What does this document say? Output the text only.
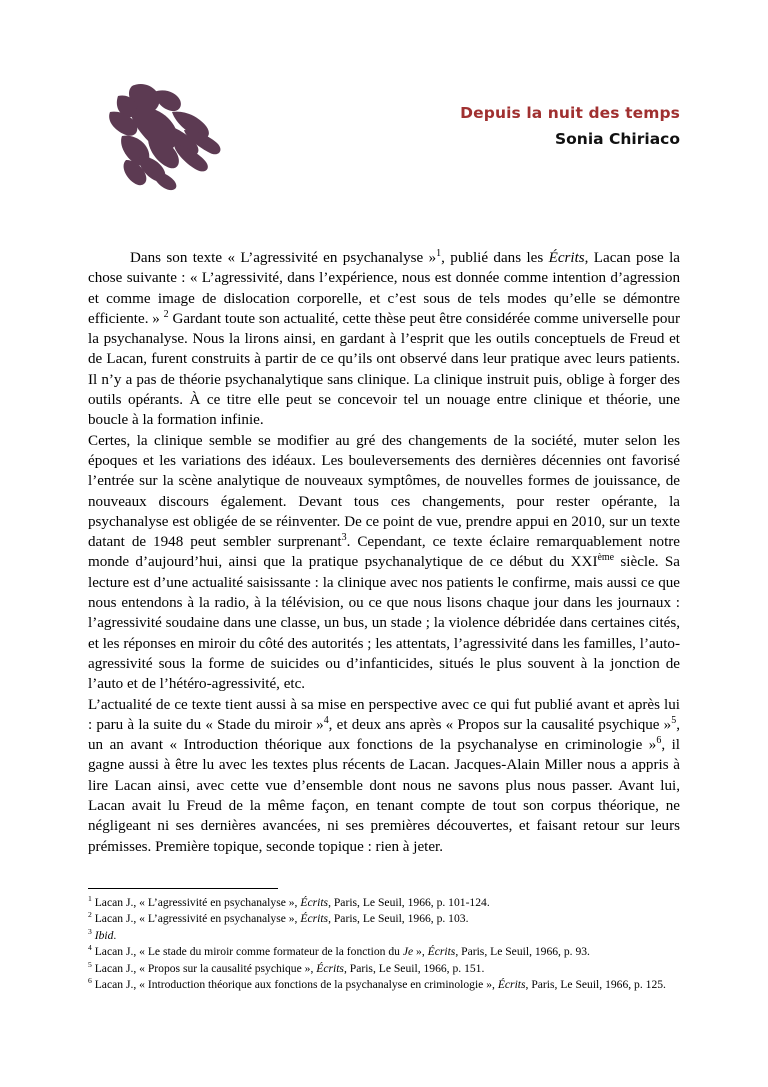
Depuis la nuit des temps
Sonia Chiriaco

Dans son texte « L’agressivité en psychanalyse »$^1$, publié dans les Écrits, Lacan pose la chose suivante : « L’agressivité, dans l’expérience, nous est donnée comme intention d’agression et comme image de dislocation corporelle, et c’est sous de tels modes qu’elle se démontre efficiente. » $^2$ Gardant toute son actualité, cette thèse peut être considérée comme universelle pour la psychanalyse. Nous la lirons ainsi, en gardant à l’esprit que les outils conceptuels de Freud et de Lacan, furent construits à partir de ce qu’ils ont observé dans leur pratique avec leurs patients. Il n’y a pas de théorie psychanalytique sans clinique. La clinique instruit puis, oblige à forger des outils opérants. À ce titre elle peut se concevoir tel un nouage entre clinique et théorie, une boucle à la formation infinie.

Certes, la clinique semble se modifier au gré des changements de la société, muter selon les époques et les variations des idéaux. Les bouleversements des dernières décennies ont favorisé l’entrée sur la scène analytique de nouveaux symptômes, de nouvelles formes de jouissance, de nouveaux discours également. Devant tous ces changements, pour rester opérante, la psychanalyse est obligée de se réinventer. De ce point de vue, prendre appui en 2010, sur un texte datant de 1948 peut sembler surprenant$^3$. Cependant, ce texte éclaire remarquablement notre monde d’aujourd’hui, ainsi que la pratique psychanalytique de ce début du XXIème siècle. Sa lecture est d’une actualité saisissante : la clinique avec nos patients le confirme, mais aussi ce que nous entendons à la radio, à la télévision, ou ce que nous lisons chaque jour dans les journaux : l’agressivité soudaine dans une classe, un bus, un stade ; la violence débridée dans certaines cités, et les réponses en miroir du côté des autorités ; les attentats, l’agressivité dans les familles, l’auto-agressivité sous la forme de suicides ou d’infanticides, situés le plus souvent à la jonction de l’auto et de l’hétéro-agressivité, etc.

L’actualité de ce texte tient aussi à sa mise en perspective avec ce qui fut publié avant et après lui : paru à la suite du « Stade du miroir »$^4$, et deux ans après « Propos sur la causalité psychique »$^5$, un an avant « Introduction théorique aux fonctions de la psychanalyse en criminologie »$^6$, il gagne aussi à être lu avec les textes plus récents de Lacan. Jacques-Alain Miller nous a appris à lire Lacan ainsi, avec cette vue d’ensemble dont nous ne savons plus nous passer. Avant lui, Lacan avait lu Freud de la même façon, en tenant compte de tout son corpus théorique, ne négligeant ni ses dernières avancées, ni ses premières découvertes, et faisant retour sur leurs prémisses. Première topique, seconde topique : rien à jeter.

$^1$ Lacan J., « L’agressivité en psychanalyse », Écrits, Paris, Le Seuil, 1966, p. 101-124.
$^2$ Lacan J., « L’agressivité en psychanalyse », Écrits, Paris, Le Seuil, 1966, p. 103.
$^3$ Ibid.
$^4$ Lacan J., « Le stade du miroir comme formateur de la fonction du Je », Écrits, Paris, Le Seuil, 1966, p. 93.
$^5$ Lacan J., « Propos sur la causalité psychique », Écrits, Paris, Le Seuil, 1966, p. 151.
$^6$ Lacan J., « Introduction théorique aux fonctions de la psychanalyse en criminologie », Écrits, Paris, Le Seuil, 1966, p. 125.
